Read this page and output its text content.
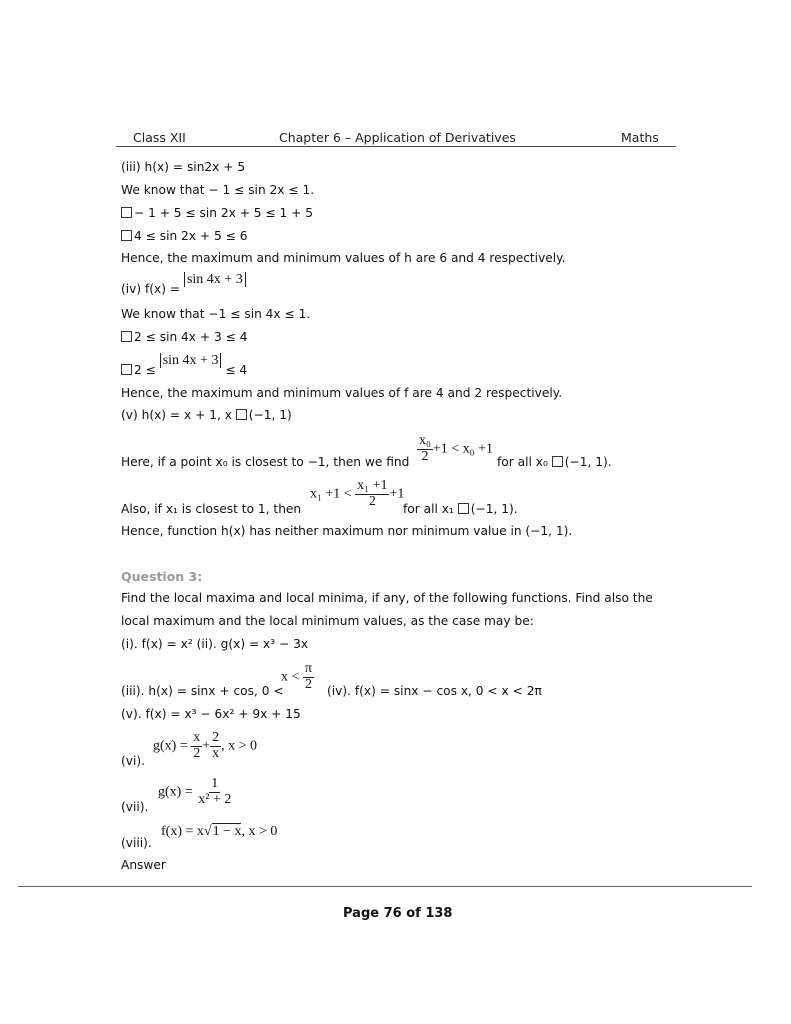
Class XII	Chapter 6 – Application of Derivatives	Maths
(iii) h(x) = sin2x + 5
We know that − 1 ≤ sin 2x ≤ 1.
− 1 + 5 ≤ sin 2x + 5 ≤ 1 + 5
4 ≤ sin 2x + 5 ≤ 6
Hence, the maximum and minimum values of h are 6 and 4 respectively.
(iv) f(x) = sin 4x + 3
We know that −1 ≤ sin 4x ≤ 1.
2 ≤ sin 4x + 3 ≤ 4
2 ≤ sin 4x + 3 ≤ 4
Hence, the maximum and minimum values of f are 4 and 2 respectively.
(v) h(x) = x + 1, x (−1, 1)
Here, if a point x₀ is closest to −1, then we find $\frac{\text{x₀}}{2} +1 < x_0 +1$
for all x₀ (−1, 1).
Also, if x₁ is closest to 1, then
$x_1 +1 < \frac{\text{x₁ +1}}{2} +1$
for all x₁ (−1, 1).
Hence, function h(x) has neither maximum nor minimum value in (−1, 1).
Question 3:
Find the local maxima and local minima, if any, of the following functions. Find also the
local maximum and the local minimum values, as the case may be:
(i). f(x) = x² (ii). g(x) = x³ − 3x
(iii). h(x) = sinx + cos, 0 <
$x < \frac{\pi}{2} (iv)$. f(x) = sinx − cos x, 0 < x < 2π
(v). f(x) = x³ − 6x² + 9x + 15
(vi).
$g(x) = \frac{x}{2} + \frac{2}{x}$ , x > 0
(vii).
$g(x) = \frac{1}{\text{x² + 2}}$
(viii).
f(x) = x√1 − x, x > 0
Answer
Page 76 of 138
